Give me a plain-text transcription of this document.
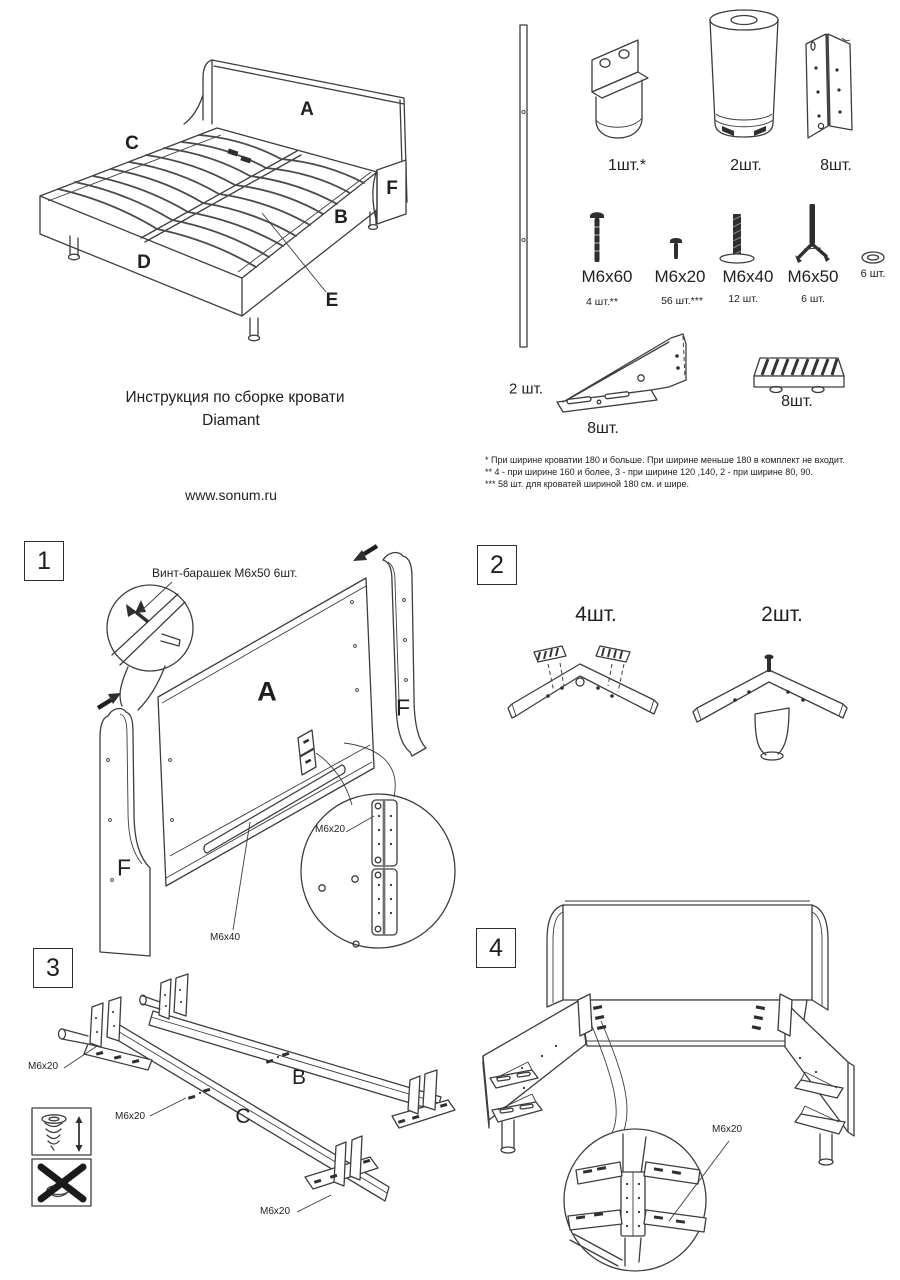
Инструкция по сборке кровати
Diamant
www.sonum.ru
A
B
C
D
E
F
1шт.*	2шт.	8шт.
M6x60 M6x20 M6x40 M6x50 6 шт.
4 шт.**	56 шт.*** 12 шт.	6 шт.
2 шт.
8шт.
8шт.
* При ширине кроватии 180 и больше. При ширине меньше 180 в комплект не входит.
** 4 - при ширине 160 и более, 3 - при ширине 120 ,140, 2 - при ширине 80, 90.
*** 58 шт. для кроватей шириной 180 см. и шире.
1	2
3
4
Винт-барашек М6х50 6шт.
A
F
F
M6x20
M6x40
4шт.	2шт.
B
C
M6x20
M6x20
M6x20
M6x20
